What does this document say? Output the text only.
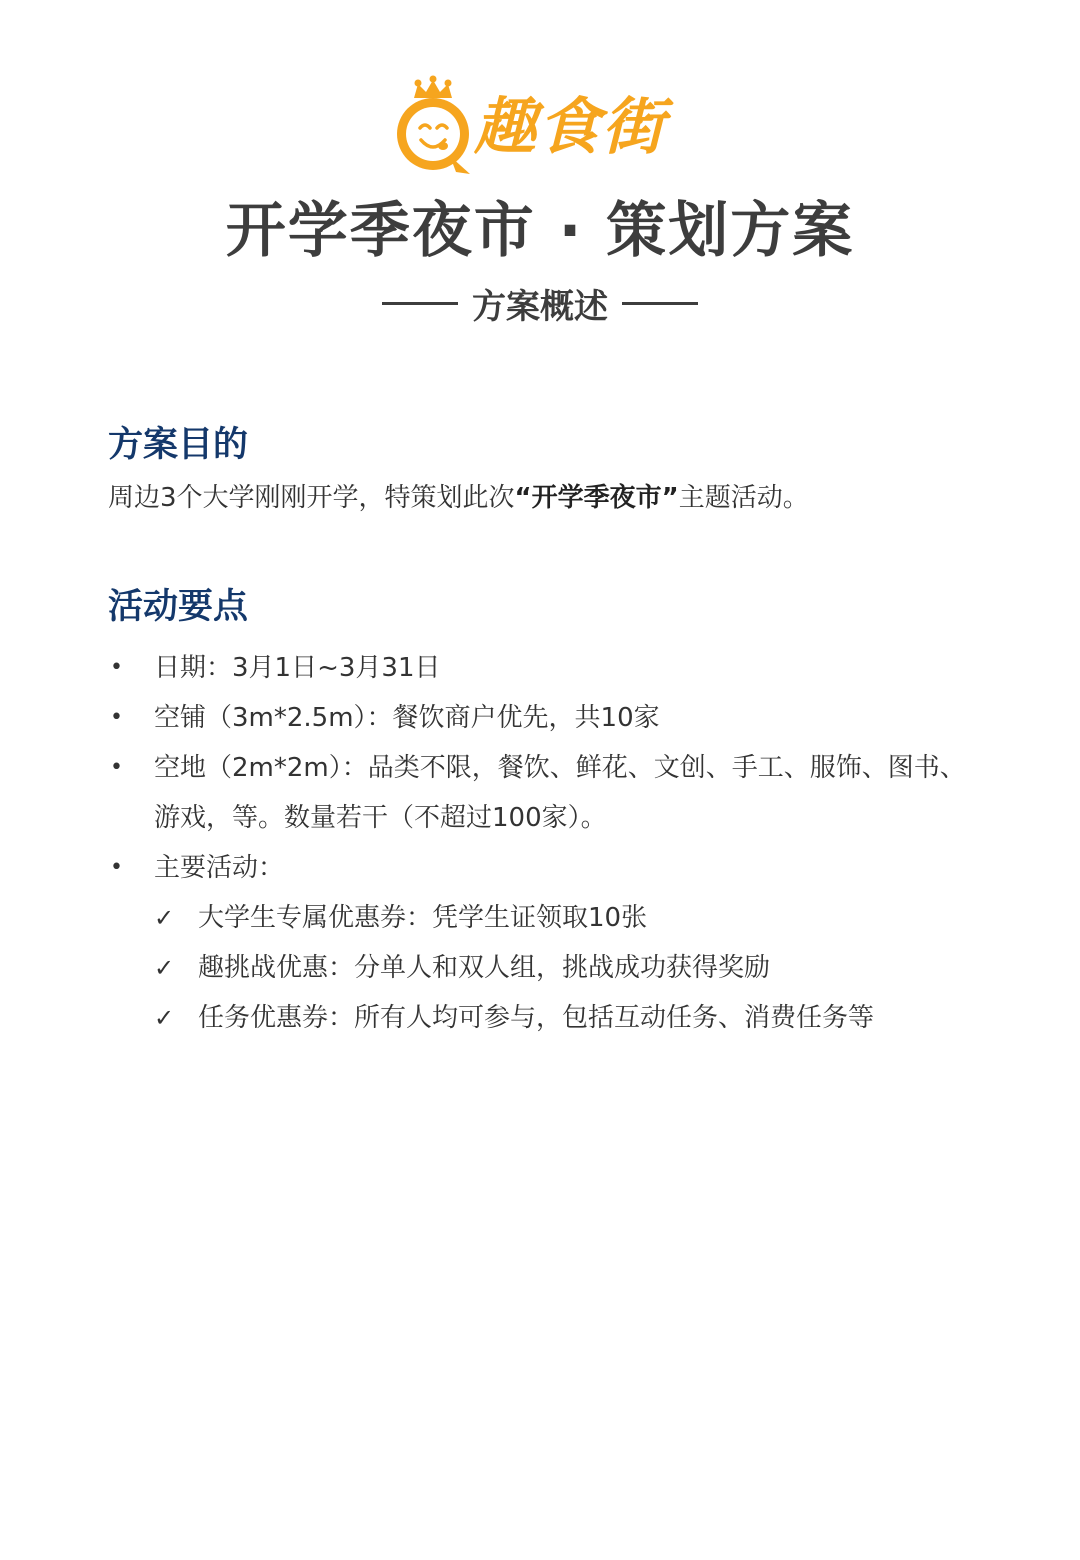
趣食街
开学季夜市 · 策划方案
方案概述
方案目的
周边3个大学刚刚开学，特策划此次“开学季夜市”主题活动。
活动要点
• 日期：3月1日~3月31日
• 空铺（3m*2.5m）：餐饮商户优先，共10家
• 空地（2m*2m）：品类不限，餐饮、鲜花、文创、手工、服饰、图书、游戏，等。数量若干（不超过100家）。
• 主要活动：
✓ 大学生专属优惠券：凭学生证领取10张
✓ 趣挑战优惠：分单人和双人组，挑战成功获得奖励
✓ 任务优惠券：所有人均可参与，包括互动任务、消费任务等
